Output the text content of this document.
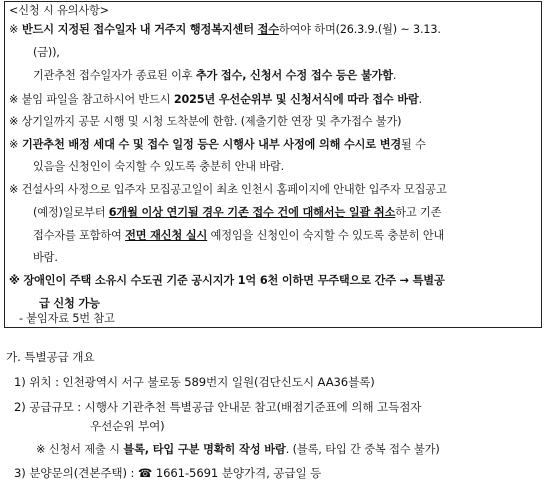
<신청 시 유의사항>
※ 반드시 지정된 접수일자 내 거주지 행정복지센터 접수하여야 하며(26.3.9.(월) ~ 3.13.
(금)),
기관추천 접수일자가 종료된 이후 추가 접수, 신청서 수정 접수 등은 불가함.
※ 붙임 파일을 참고하시어 반드시 2025년 우선순위부 및 신청서식에 따라 접수 바람.
※ 상기일까지 공문 시행 및 시청 도착분에 한함. (제출기한 연장 및 추가접수 불가)
※ 기관추천 배정 세대 수 및 접수 일정 등은 시행사 내부 사정에 의해 수시로 변경될 수
있음을 신청인이 숙지할 수 있도록 충분히 안내 바람.
※ 건설사의 사정으로 입주자 모집공고일이 최초 인천시 홈페이지에 안내한 입주자 모집공고
(예정)일로부터 6개월 이상 연기될 경우 기존 접수 건에 대해서는 일괄 취소하고 기존
접수자를 포함하여 전면 재신청 실시 예정임을 신청인이 숙지할 수 있도록 충분히 안내
바람.
※ 장애인이 주택 소유시 수도권 기준 공시지가 1억 6천 이하면 무주택으로 간주 → 특별공
급 신청 가능
- 붙임자료 5번 참고
가. 특별공급 개요
1) 위치 : 인천광역시 서구 불로동 589번지 일원(검단신도시 AA36블록)
2) 공급규모 : 시행사 기관추천 특별공급 안내문 참고(배점기준표에 의해 고득점자
우선순위 부여)
※ 신청서 제출 시 블록, 타입 구분 명확히 작성 바람. (블록, 타입 간 중복 접수 불가)
3) 분양문의(견본주택) : ☎ 1661-5691 분양가격, 공급일 등
